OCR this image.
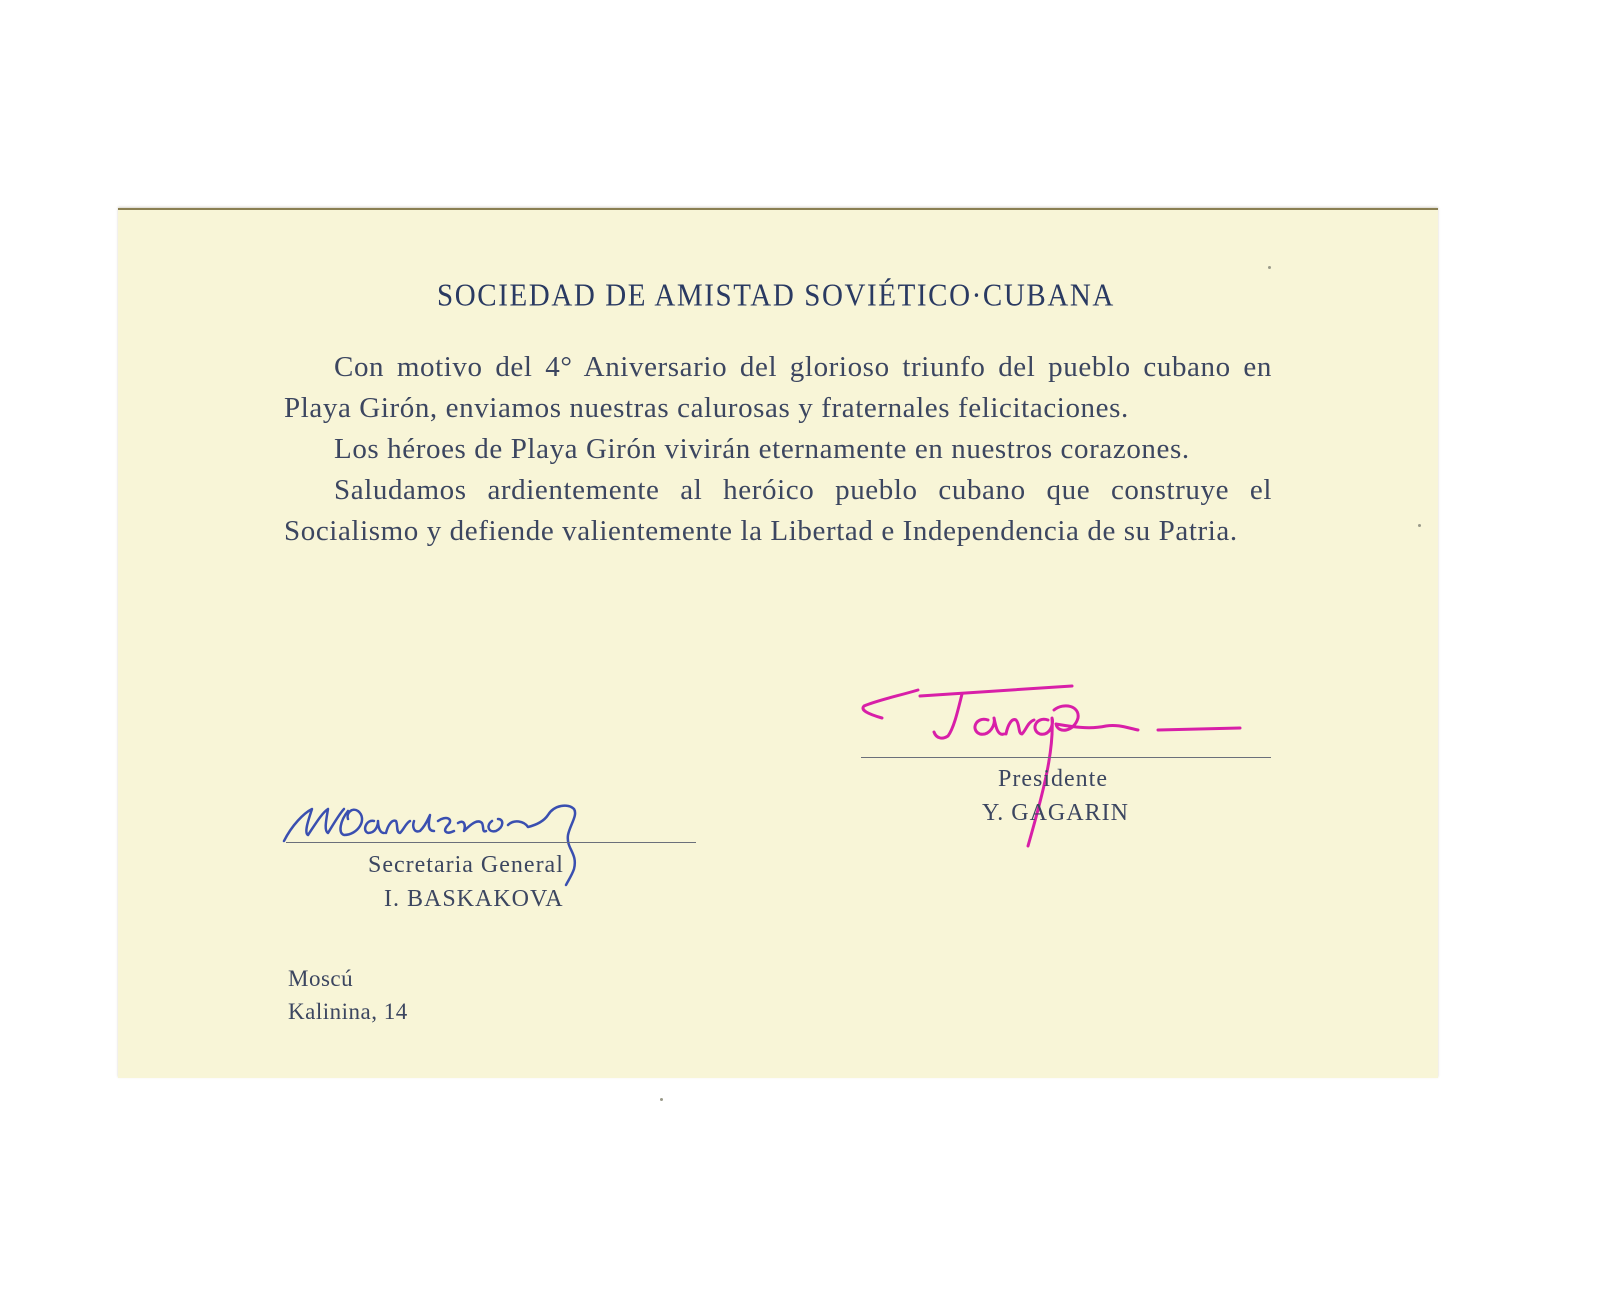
SOCIEDAD DE AMISTAD SOVIÉTICO·CUBANA

Con motivo del 4° Aniversario del glorioso triunfo del pueblo cubano en Playa Girón, enviamos nuestras calurosas y fraternales felicitaciones.

Los héroes de Playa Girón vivirán eternamente en nuestros corazones.

Saludamos ardientemente al heróico pueblo cubano que construye el Socialismo y defiende valientemente la Libertad e Independencia de su Patria.

Presidente
Y. GAGARIN
Secretaria General
I. BASKAKOVA
Moscú
Kalinina, 14
